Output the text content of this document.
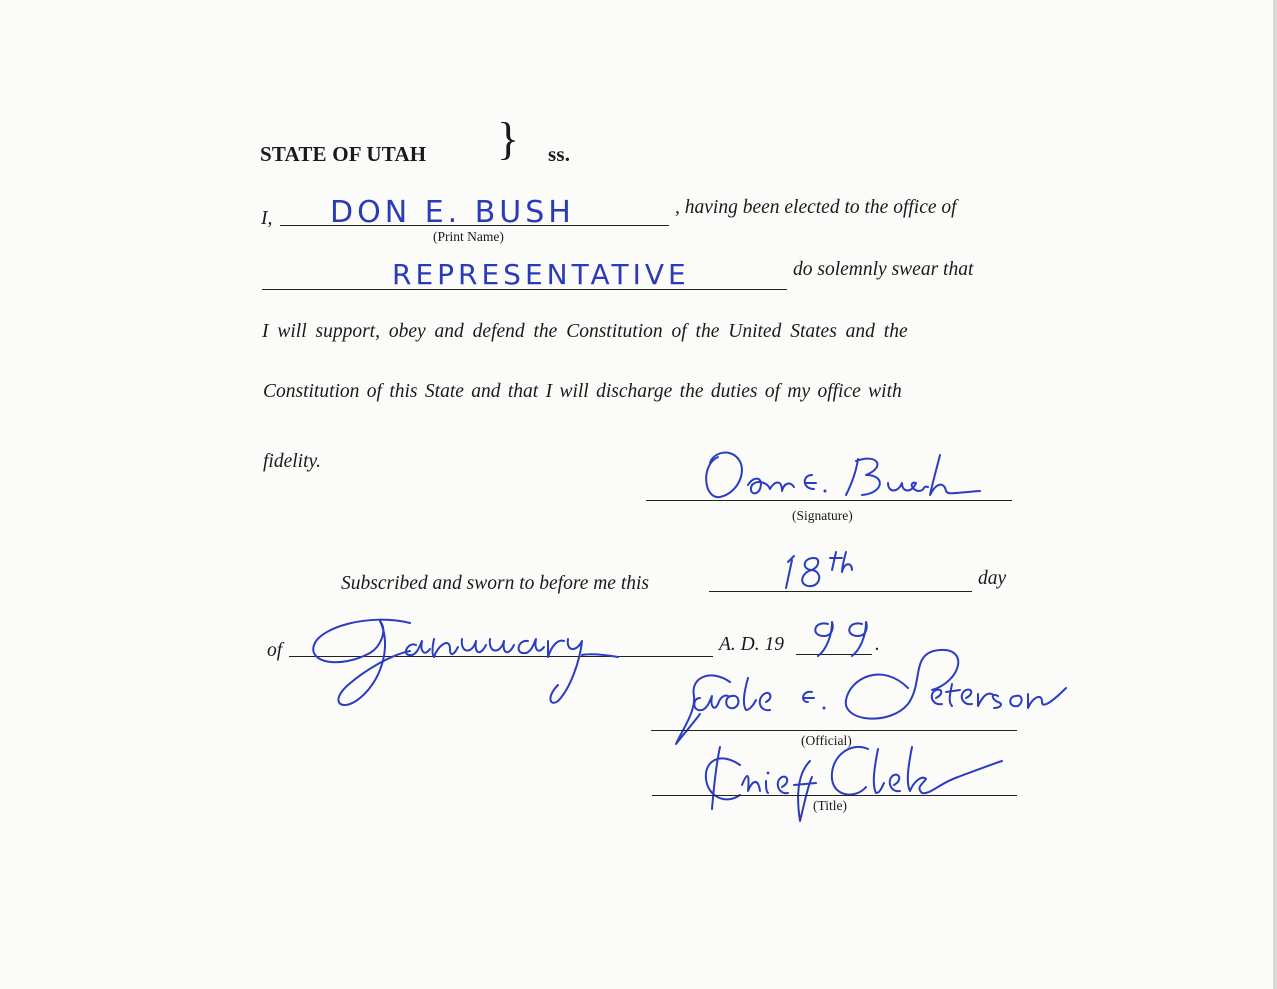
STATE OF UTAH } ss.
I, DON E. BUSH
(Print Name)
, having been elected to the office of
REPRESENTATIVE	do solemnly swear that
I will support, obey and defend the Constitution of the United States and the
Constitution of this State and that I will discharge the duties of my office with
fidelity.
(Signature)
Subscribed and sworn to before me this	day
of	A. D. 19	.
(Official)
(Title)
